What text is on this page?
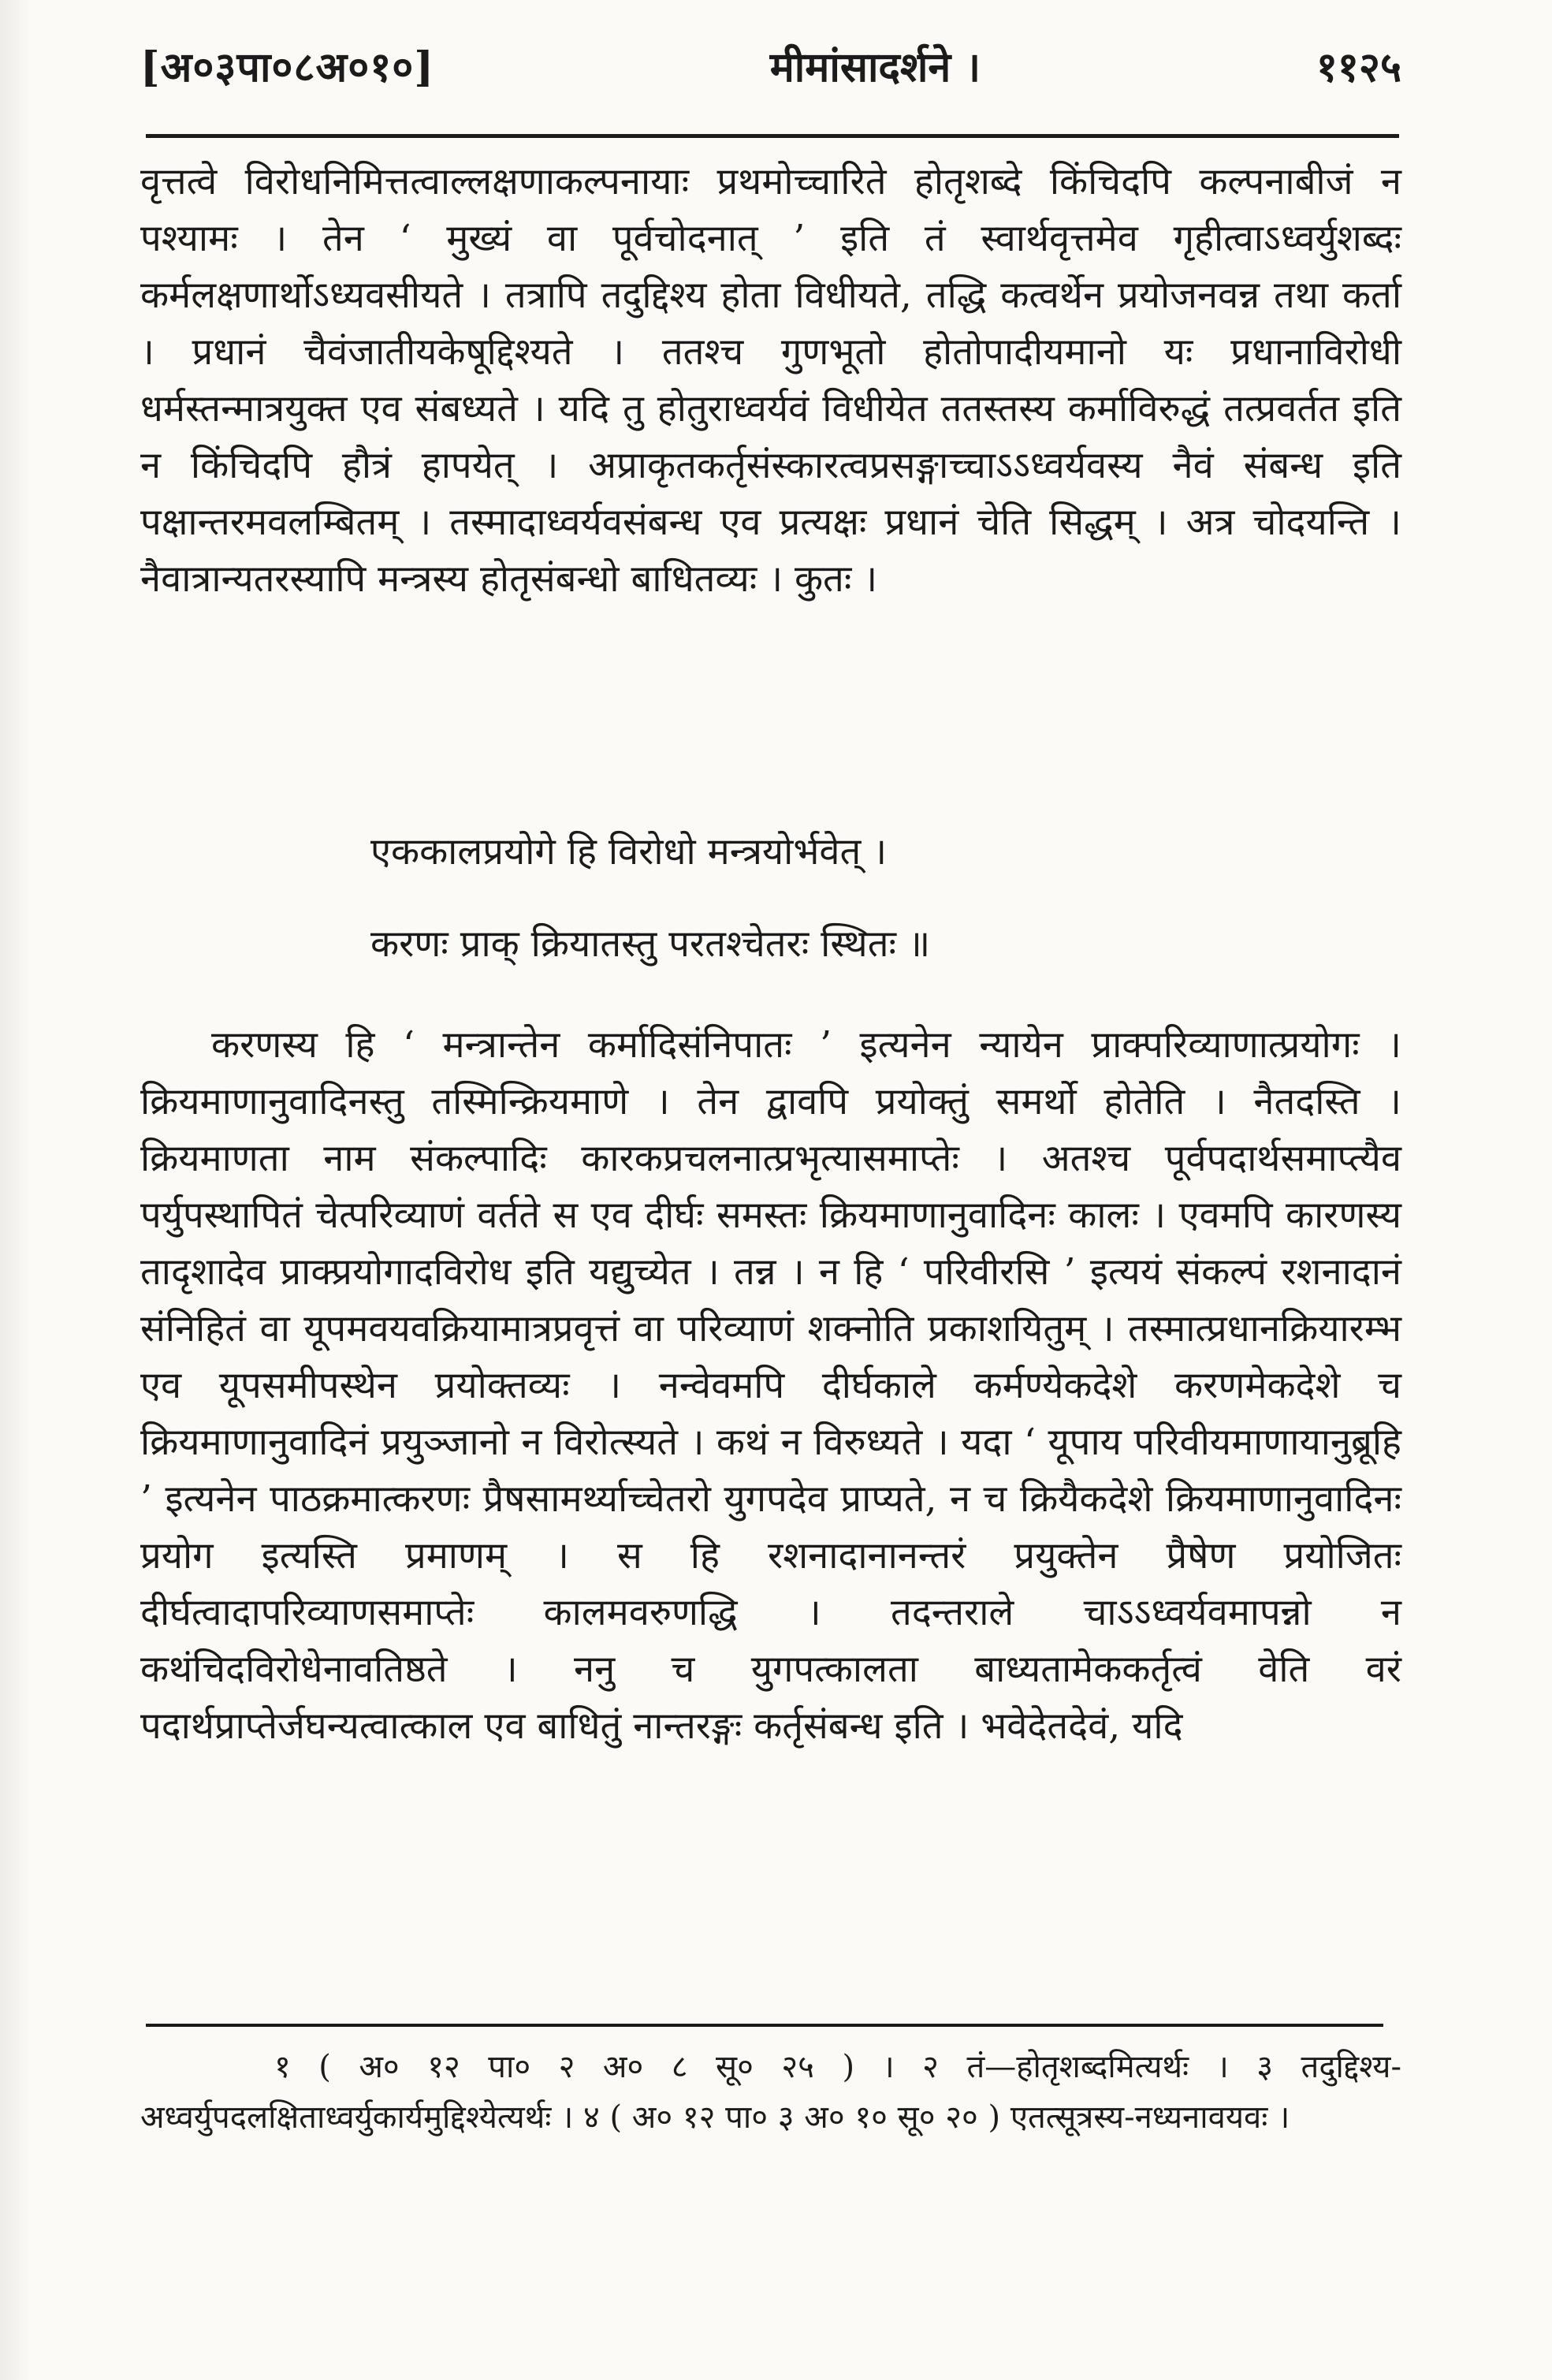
[अ०३पा०८अ०१०]	मीमांसादर्शने ।	११२५

वृत्तत्वे विरोधनिमित्तत्वाल्लक्षणाकल्पनायाः प्रथमोच्चारिते होतृशब्दे किंचिदपि कल्पनाबीजं न पश्यामः । तेन ‘ मुख्यं वा पूर्वचोदनात् ’ इति तं स्वार्थवृत्तमेव गृहीत्वाऽध्वर्युशब्दः कर्मलक्षणार्थोऽध्यवसीयते । तत्रापि तदुद्दिश्य होता विधीयते, तद्धि कत्वर्थेन प्रयोजनवन्न तथा कर्ता । प्रधानं चैवंजातीयकेषूद्दिश्यते । ततश्च गुणभूतो होतोपादीयमानो यः प्रधानाविरोधी धर्मस्तन्मात्रयुक्त एव संबध्यते । यदि तु होतुराध्वर्यवं विधीयेत ततस्तस्य कर्माविरुद्धं तत्प्रवर्तत इति न किंचिदपि हौत्रं हापयेत् । अप्राकृतकर्तृसंस्कारत्वप्रसङ्गाच्चाऽऽध्वर्यवस्य नैवं संबन्ध इति पक्षान्तरमवलम्बितम् । तस्मादाध्वर्यवसंबन्ध एव प्रत्यक्षः प्रधानं चेति सिद्धम् । अत्र चोदयन्ति । नैवात्रान्यतरस्यापि मन्त्रस्य होतृसंबन्धो बाधितव्यः । कुतः ।

एककालप्रयोगे हि विरोधो मन्त्रयोर्भवेत् ।
करणः प्राक् क्रियातस्तु परतश्चेतरः स्थितः ॥

करणस्य हि ‘ मन्त्रान्तेन कर्मादिसंनिपातः ’ इत्यनेन न्यायेन प्राक्परिव्याणात्प्रयोगः । क्रियमाणानुवादिनस्तु तस्मिन्क्रियमाणे । तेन द्वावपि प्रयोक्तुं समर्थो होतेति । नैतदस्ति । क्रियमाणता नाम संकल्पादिः कारकप्रचलनात्प्रभृत्यासमाप्तेः । अतश्च पूर्वपदार्थसमाप्त्यैव पर्युपस्थापितं चेत्परिव्याणं वर्तते स एव दीर्घः समस्तः क्रियमाणानुवादिनः कालः । एवमपि कारणस्य तादृशादेव प्राक्प्रयोगादविरोध इति यद्युच्येत । तन्न । न हि ‘ परिवीरसि ’ इत्ययं संकल्पं रशनादानं संनिहितं वा यूपमवयवक्रियामात्रप्रवृत्तं वा परिव्याणं शक्नोति प्रकाशयितुम् । तस्मात्प्रधानक्रियारम्भ एव यूपसमीपस्थेन प्रयोक्तव्यः । नन्वेवमपि दीर्घकाले कर्मण्येकदेशे करणमेकदेशे च क्रियमाणानुवादिनं प्रयुञ्जानो न विरोत्स्यते । कथं न विरुध्यते । यदा ‘ यूपाय परिवीयमाणायानुब्रूहि ’ इत्यनेन पाठक्रमात्करणः प्रैषसामर्थ्याच्चेतरो युगपदेव प्राप्यते, न च क्रियैकदेशे क्रियमाणानुवादिनः प्रयोग इत्यस्ति प्रमाणम् । स हि रशनादानानन्तरं प्रयुक्तेन प्रैषेण प्रयोजितः दीर्घत्वादापरिव्याणसमाप्तेः कालमवरुणद्धि । तदन्तराले चाऽऽध्वर्यवमापन्नो न कथंचिदविरोधेनावतिष्ठते । ननु च युगपत्कालता बाध्यतामेककर्तृत्वं वेति वरं पदार्थप्राप्तेर्जघन्यत्वात्काल एव बाधितुं नान्तरङ्गः कर्तृसंबन्ध इति । भवेदेतदेवं, यदि

१ ( अ० १२ पा० २ अ० ८ सू० २५ ) । २ तं—होतृशब्दमित्यर्थः । ३ तदुद्दिश्य-अध्वर्युपदलक्षिताध्वर्युकार्यमुद्दिश्येत्यर्थः । ४ ( अ० १२ पा० ३ अ० १० सू० २० ) एतत्सूत्रस्य-नध्यनावयवः ।
